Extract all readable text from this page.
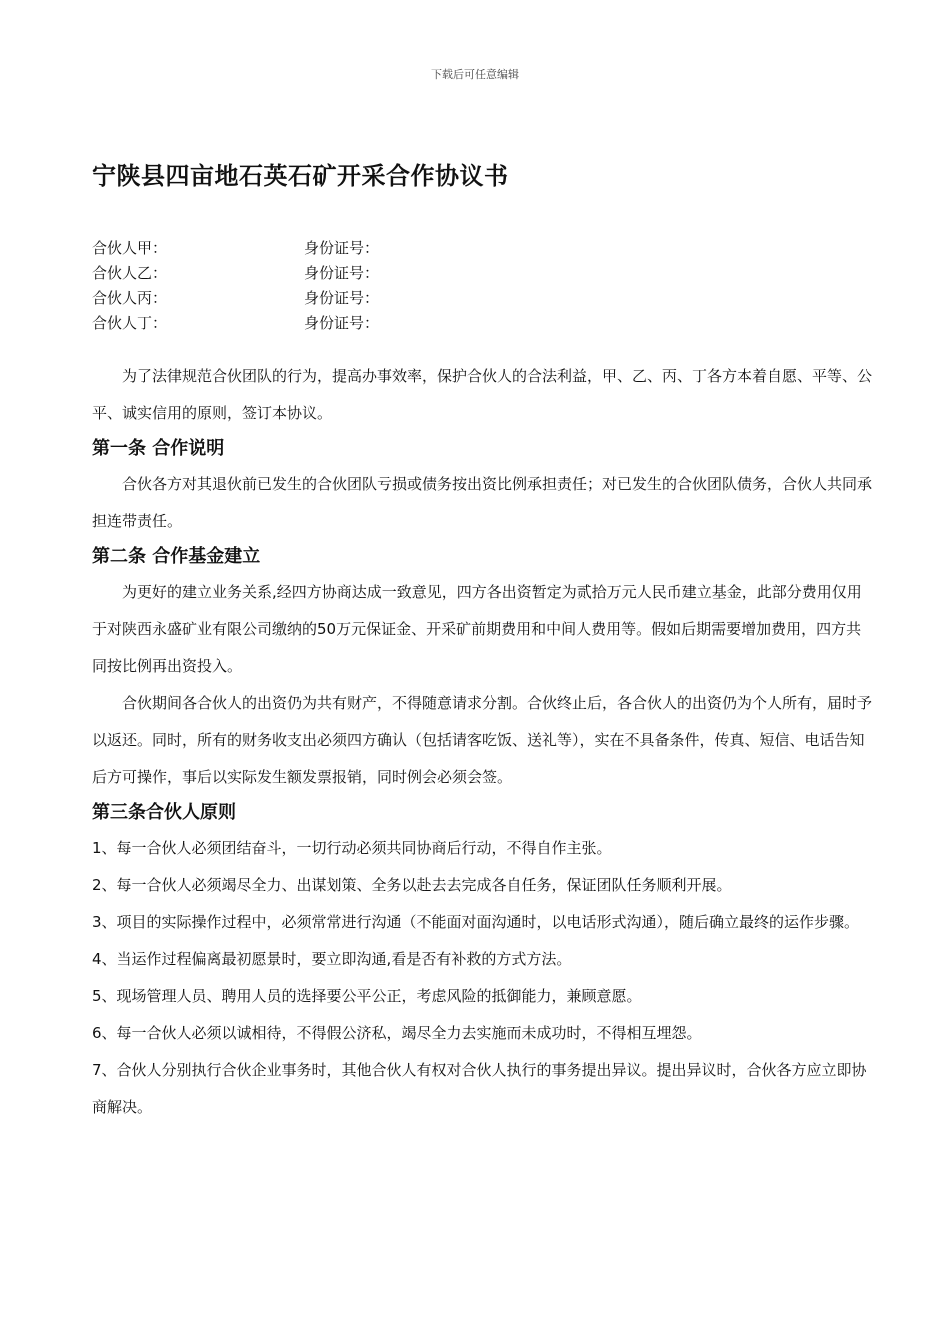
下载后可任意编辑
宁陕县四亩地石英石矿开采合作协议书
合伙人甲：	身份证号：
合伙人乙：	身份证号：
合伙人丙：	身份证号：
合伙人丁：	身份证号：

为了法律规范合伙团队的行为，提高办事效率，保护合伙人的合法利益，甲、乙、丙、丁各方本着自愿、平等、公平、诚实信用的原则，签订本协议。

第一条 合作说明

合伙各方对其退伙前已发生的合伙团队亏损或债务按出资比例承担责任；对已发生的合伙团队债务，合伙人共同承担连带责任。

第二条 合作基金建立

为更好的建立业务关系,经四方协商达成一致意见，四方各出资暂定为贰拾万元人民币建立基金，此部分费用仅用于对陕西永盛矿业有限公司缴纳的50万元保证金、开采矿前期费用和中间人费用等。假如后期需要增加费用，四方共同按比例再出资投入。

合伙期间各合伙人的出资仍为共有财产，不得随意请求分割。合伙终止后，各合伙人的出资仍为个人所有，届时予以返还。同时，所有的财务收支出必须四方确认（包括请客吃饭、送礼等），实在不具备条件，传真、短信、电话告知后方可操作，事后以实际发生额发票报销，同时例会必须会签。

第三条合伙人原则

1、每一合伙人必须团结奋斗，一切行动必须共同协商后行动，不得自作主张。

2、每一合伙人必须竭尽全力、出谋划策、全务以赴去去完成各自任务，保证团队任务顺利开展。

3、项目的实际操作过程中，必须常常进行沟通（不能面对面沟通时，以电话形式沟通），随后确立最终的运作步骤。

4、当运作过程偏离最初愿景时，要立即沟通,看是否有补救的方式方法。

5、现场管理人员、聘用人员的选择要公平公正，考虑风险的抵御能力，兼顾意愿。

6、每一合伙人必须以诚相待，不得假公济私，竭尽全力去实施而未成功时，不得相互埋怨。

7、合伙人分别执行合伙企业事务时，其他合伙人有权对合伙人执行的事务提出异议。提出异议时，合伙各方应立即协商解决。
